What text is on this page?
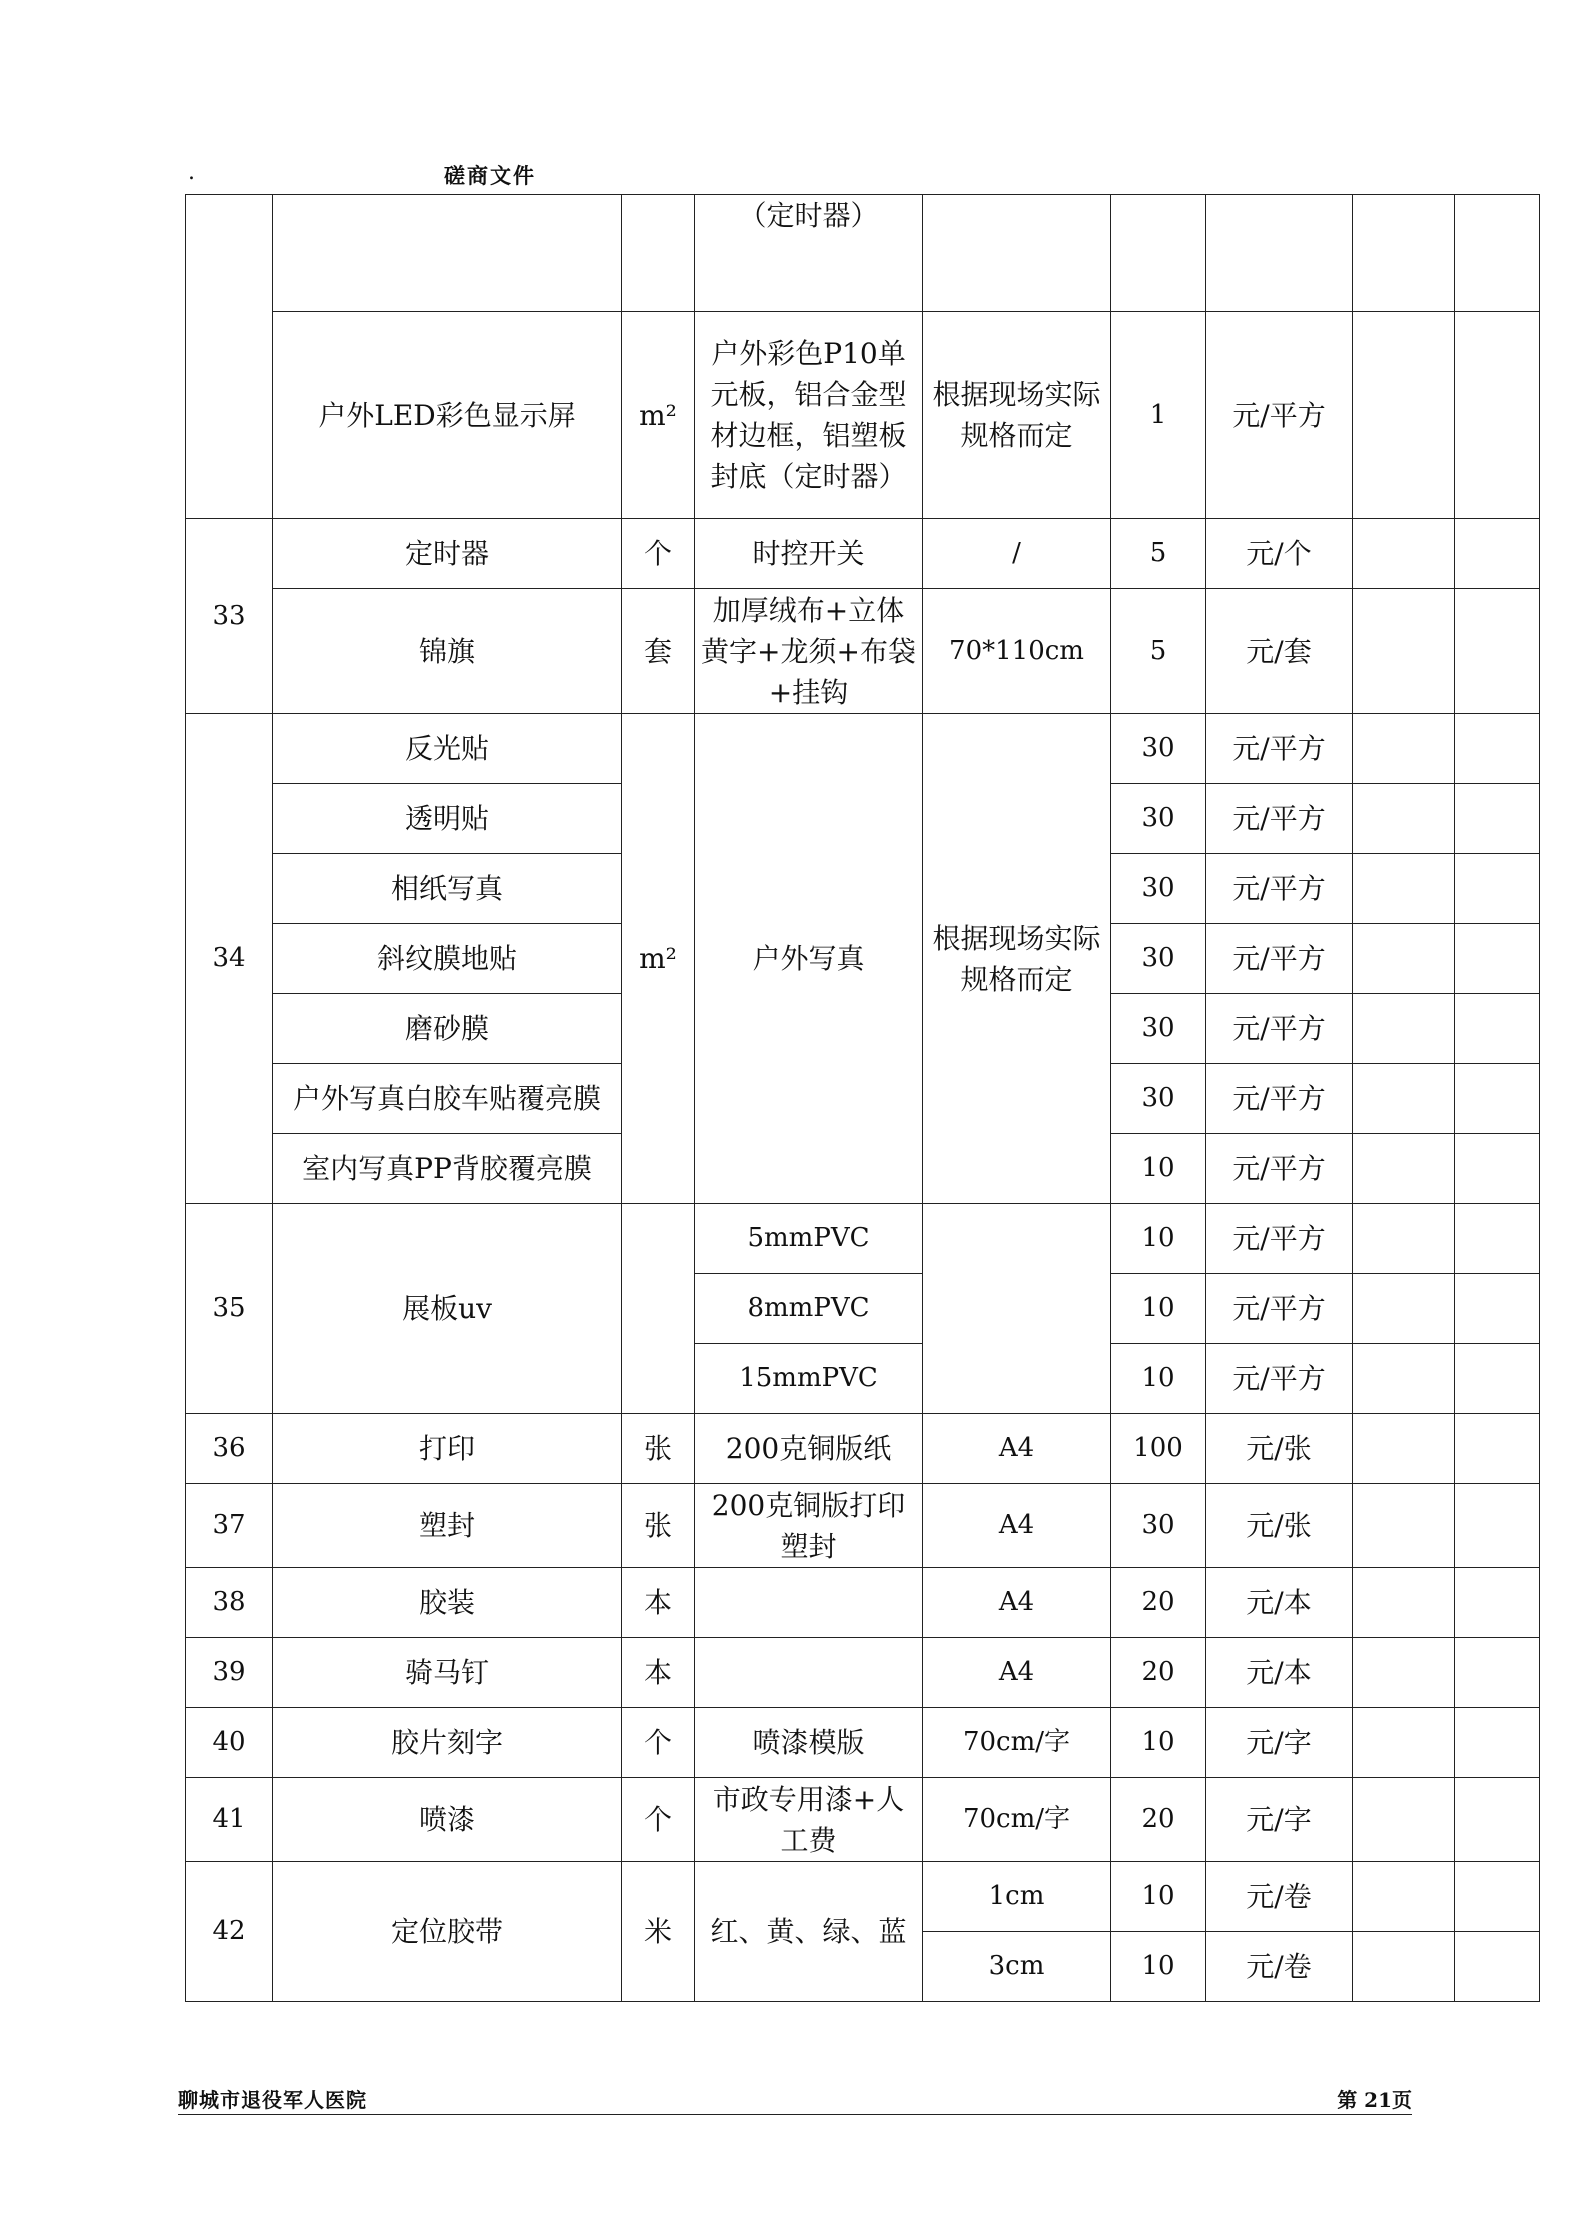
.	磋商文件
			（定时器）					
	户外LED彩色显示屏	m²	户外彩色P10单元板，铝合金型材边框，铝塑板封底（定时器）	根据现场实际规格而定	1	元/平方		
33	定时器	个	时控开关	/	5	元/个		
	锦旗	套	加厚绒布+立体黄字+龙须+布袋+挂钩	70*110cm	5	元/套		
34	反光贴	m²	户外写真	根据现场实际规格而定	30	元/平方		
	透明贴				30	元/平方		
	相纸写真				30	元/平方		
	斜纹膜地贴				30	元/平方		
	磨砂膜				30	元/平方		
	户外写真白胶车贴覆亮膜				30	元/平方		
	室内写真PP背胶覆亮膜				10	元/平方		
35	展板uv		5mmPVC		10	元/平方		
			8mmPVC		10	元/平方		
			15mmPVC		10	元/平方		
36	打印	张	200克铜版纸	A4	100	元/张		
37	塑封	张	200克铜版打印塑封	A4	30	元/张		
38	胶装	本		A4	20	元/本		
39	骑马钉	本		A4	20	元/本		
40	胶片刻字	个	喷漆模版	70cm/字	10	元/字		
41	喷漆	个	市政专用漆+人工费	70cm/字	20	元/字		
42	定位胶带	米	红、黄、绿、蓝	1cm	10	元/卷		
				3cm	10	元/卷		
聊城市退役军人医院	第 21页
